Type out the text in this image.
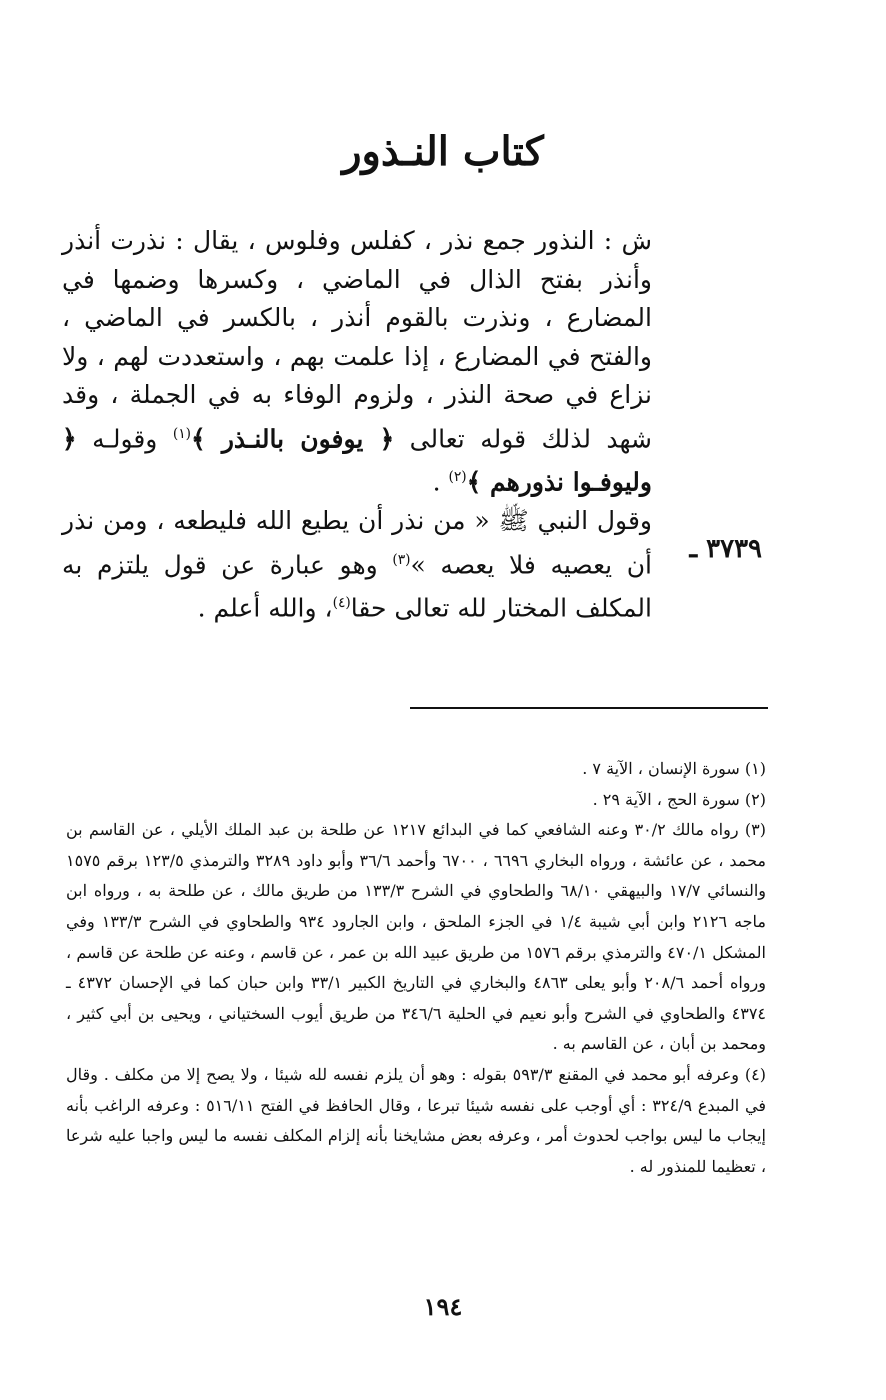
كتاب النـذور

ش : النذور جمع نذر ، كفلس وفلوس ، يقال : نذرت أنذر وأنذر بفتح الذال في الماضي ، وكسرها وضمها في المضارع ، ونذرت بالقوم أنذر ، بالكسر في الماضي ، والفتح في المضارع ، إذا علمت بهم ، واستعددت لهم ، ولا نزاع في صحة النذر ، ولزوم الوفاء به في الجملة ، وقد شهد لذلك قوله تعالى ﴿ يوفون بالنـذر ﴾$^{(١)}$ وقولـه ﴿ وليوفـوا نذورهم ﴾$^{(٢)}$ .

وقول النبي ﷺ « من نذر أن يطيع الله فليطعه ، ومن نذر أن يعصيه فلا يعصه »$^{(٣)}$ وهو عبارة عن قول يلتزم به المكلف المختار لله تعالى حقا$^{(٤)}$، والله أعلم .

٣٧٣٩ ـ

(١) سورة الإنسان ، الآية ٧ .

(٢) سورة الحج ، الآية ٢٩ .

(٣) رواه مالك ٣٠/٢ وعنه الشافعي كما في البدائع ١٢١٧ عن طلحة بن عبد الملك الأيلي ، عن القاسم بن محمد ، عن عائشة ، ورواه البخاري ٦٦٩٦ ، ٦٧٠٠ وأحمد ٣٦/٦ وأبو داود ٣٢٨٩ والترمذي ١٢٣/٥ برقم ١٥٧٥ والنسائي ١٧/٧ والبيهقي ٦٨/١٠ والطحاوي في الشرح ١٣٣/٣ من طريق مالك ، عن طلحة به ، ورواه ابن ماجه ٢١٢٦ وابن أبي شيبة ١/٤ في الجزء الملحق ، وابن الجارود ٩٣٤ والطحاوي في الشرح ١٣٣/٣ وفي المشكل ٤٧٠/١ والترمذي برقم ١٥٧٦ من طريق عبيد الله بن عمر ، عن قاسم ، وعنه عن طلحة عن قاسم ، ورواه أحمد ٢٠٨/٦ وأبو يعلى ٤٨٦٣ والبخاري في التاريخ الكبير ٣٣/١ وابن حبان كما في الإحسان ٤٣٧٢ ـ ٤٣٧٤ والطحاوي في الشرح وأبو نعيم في الحلية ٣٤٦/٦ من طريق أيوب السختياني ، ويحيى بن أبي كثير ، ومحمد بن أبان ، عن القاسم به .

(٤) وعرفه أبو محمد في المقنع ٥٩٣/٣ بقوله : وهو أن يلزم نفسه لله شيئا ، ولا يصح إلا من مكلف . وقال في المبدع ٣٢٤/٩ : أي أوجب على نفسه شيئا تبرعا ، وقال الحافظ في الفتح ٥١٦/١١ : وعرفه الراغب بأنه إيجاب ما ليس بواجب لحدوث أمر ، وعرفه بعض مشايخنا بأنه إلزام المكلف نفسه ما ليس واجبا عليه شرعا ، تعظيما للمنذور له .

١٩٤
